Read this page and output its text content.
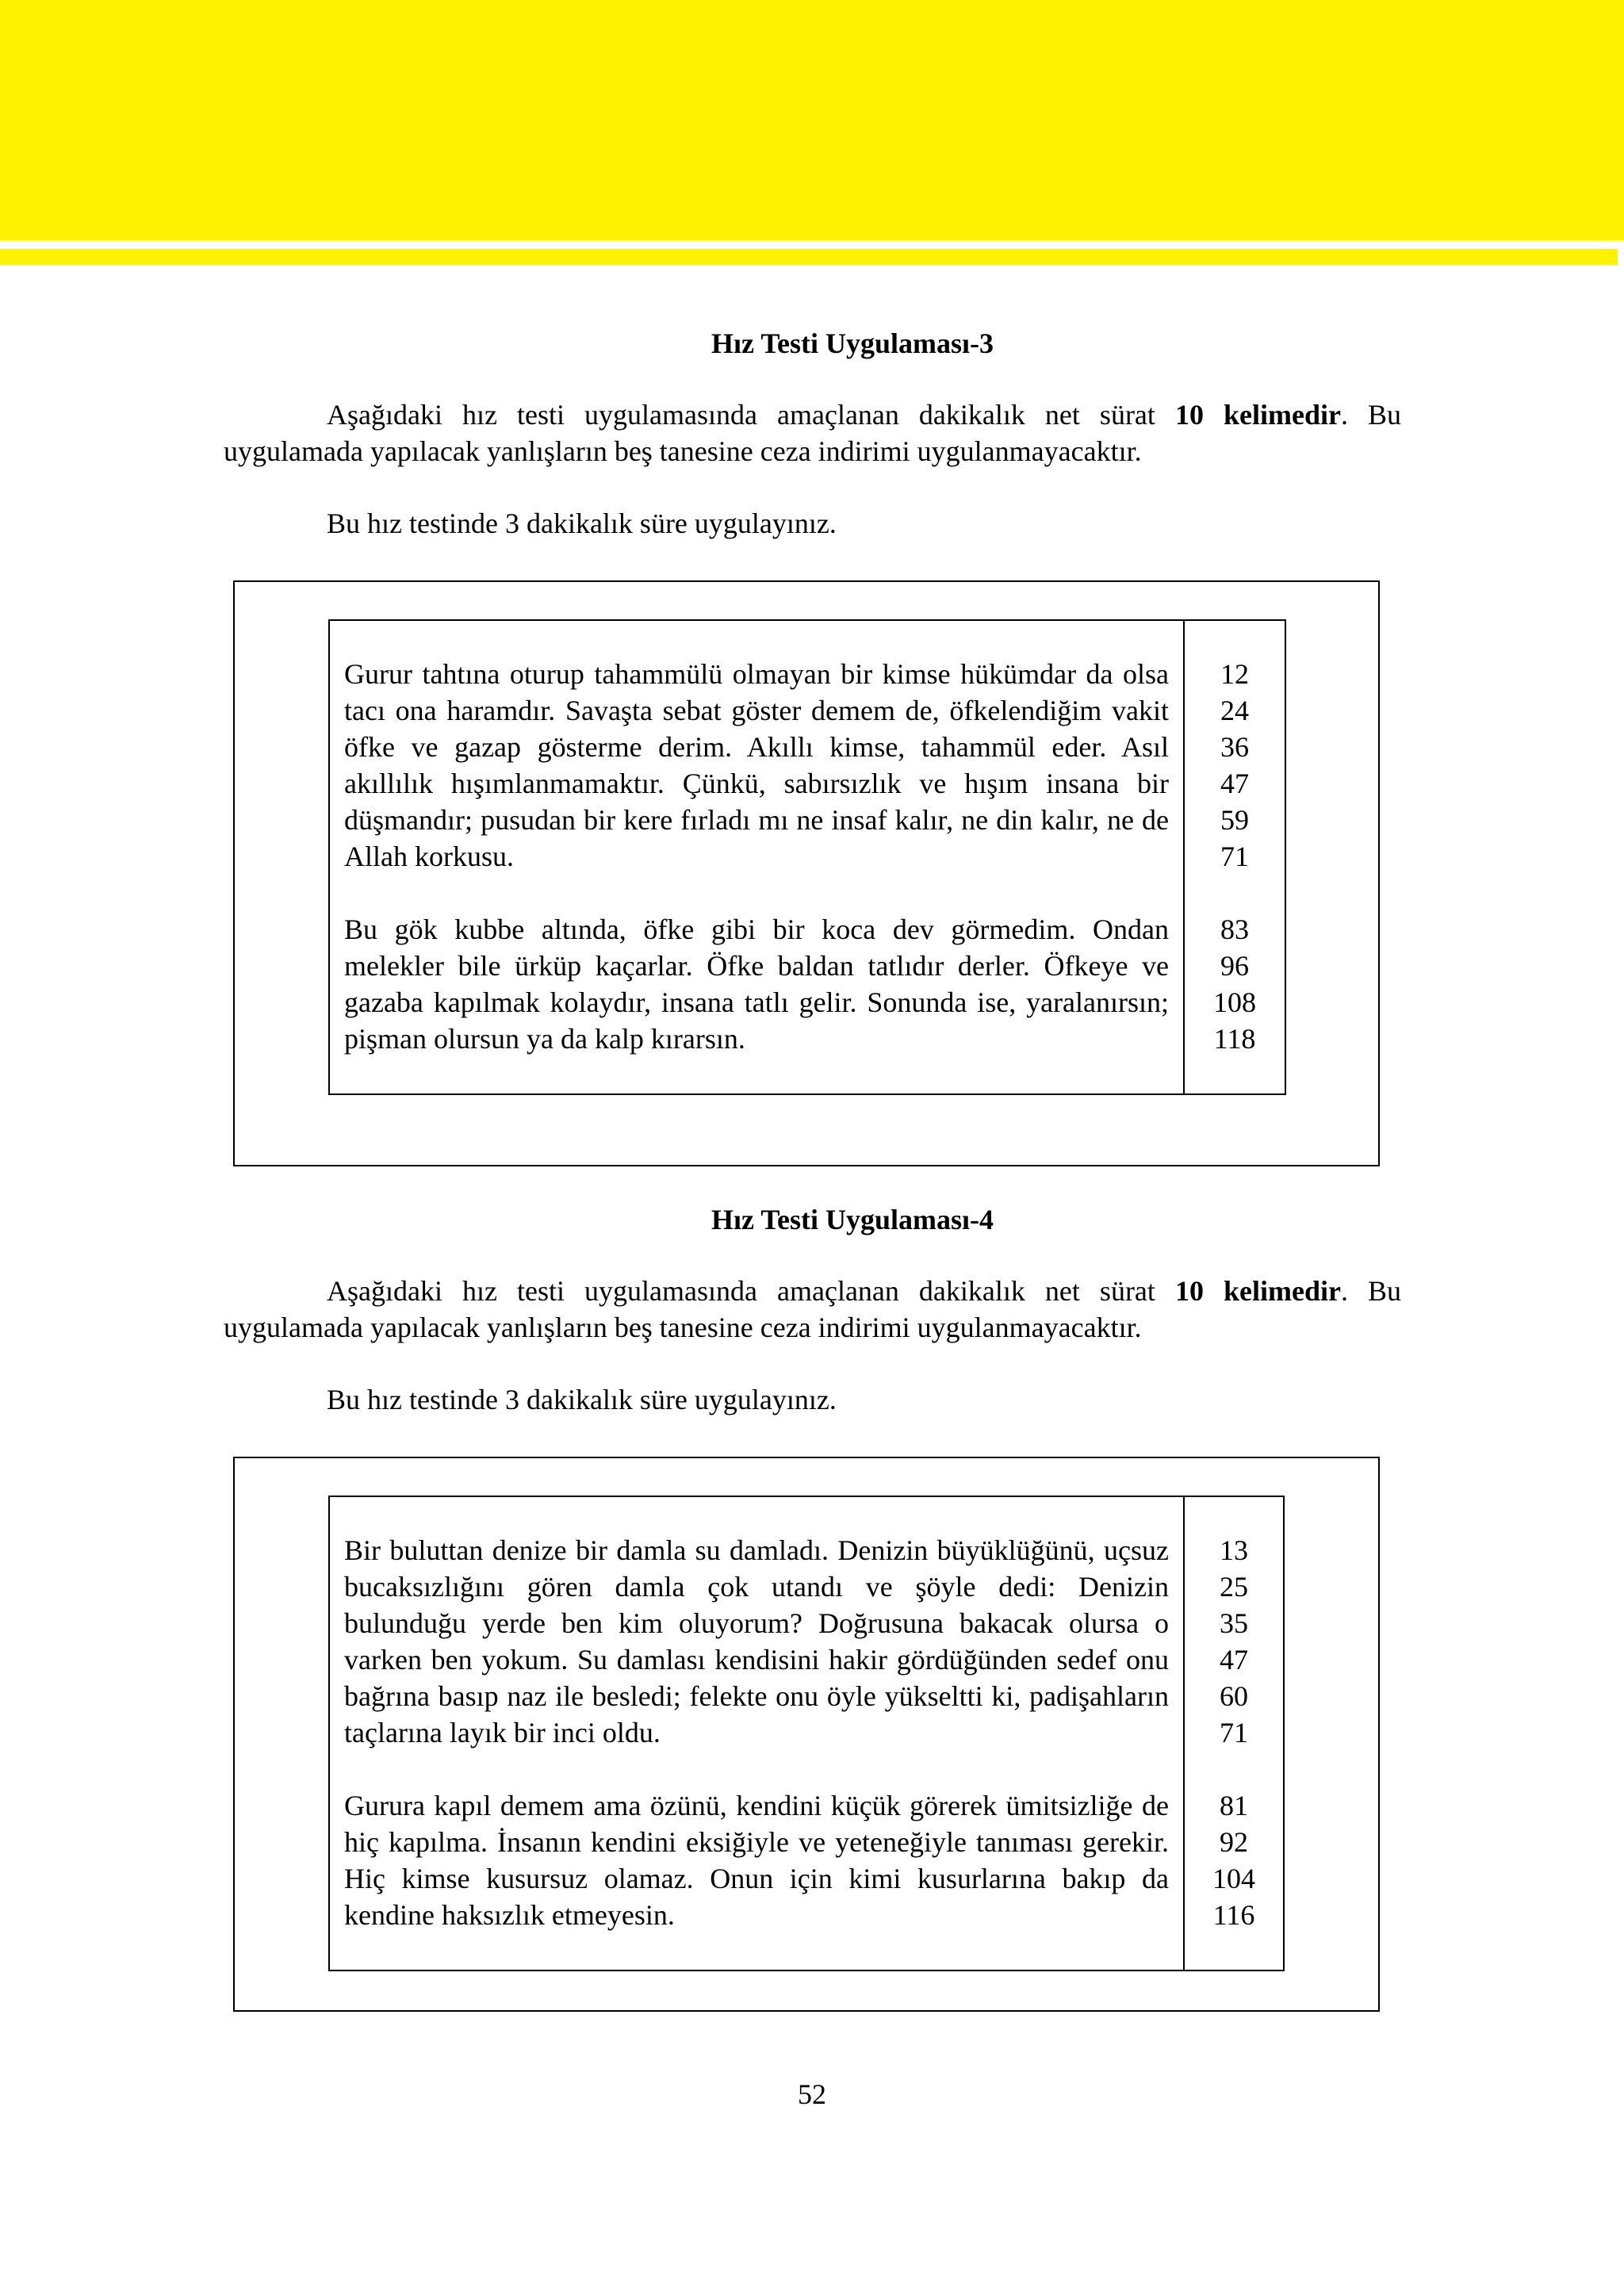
Hız Testi Uygulaması-3
Aşağıdaki hız testi uygulamasında amaçlanan dakikalık net sürat 10 kelimedir. Bu uygulamada yapılacak yanlışların beş tanesine ceza indirimi uygulanmayacaktır.
Bu hız testinde 3 dakikalık süre uygulayınız.
Gurur tahtına oturup tahammülü olmayan bir kimse hükümdar da olsa tacı ona haramdır. Savaşta sebat göster demem de, öfkelendiğim vakit öfke ve gazap gösterme derim. Akıllı kimse, tahammül eder. Asıl akıllılık hışımlanmamaktır. Çünkü, sabırsızlık ve hışım insana bir düşmandır; pusudan bir kere fırladı mı ne insaf kalır, ne din kalır, ne de Allah korkusu.
Bu gök kubbe altında, öfke gibi bir koca dev görmedim. Ondan melekler bile ürküp kaçarlar. Öfke baldan tatlıdır derler. Öfkeye ve gazaba kapılmak kolaydır, insana tatlı gelir. Sonunda ise, yaralanırsın; pişman olursun ya da kalp kırarsın.
12
24
36
47
59
71
83
96
108
118
Hız Testi Uygulaması-4
Aşağıdaki hız testi uygulamasında amaçlanan dakikalık net sürat 10 kelimedir. Bu uygulamada yapılacak yanlışların beş tanesine ceza indirimi uygulanmayacaktır.
Bu hız testinde 3 dakikalık süre uygulayınız.
Bir buluttan denize bir damla su damladı. Denizin büyüklüğünü, uçsuz bucaksızlığını gören damla çok utandı ve şöyle dedi: Denizin bulunduğu yerde ben kim oluyorum? Doğrusuna bakacak olursa o varken ben yokum. Su damlası kendisini hakir gördüğünden sedef onu bağrına basıp naz ile besledi; felekte onu öyle yükseltti ki, padişahların taçlarına layık bir inci oldu.
Gurura kapıl demem ama özünü, kendini küçük görerek ümitsizliğe de hiç kapılma. İnsanın kendini eksiğiyle ve yeteneğiyle tanıması gerekir. Hiç kimse kusursuz olamaz. Onun için kimi kusurlarına bakıp da kendine haksızlık etmeyesin.
13
25
35
47
60
71
81
92
104
116
52
